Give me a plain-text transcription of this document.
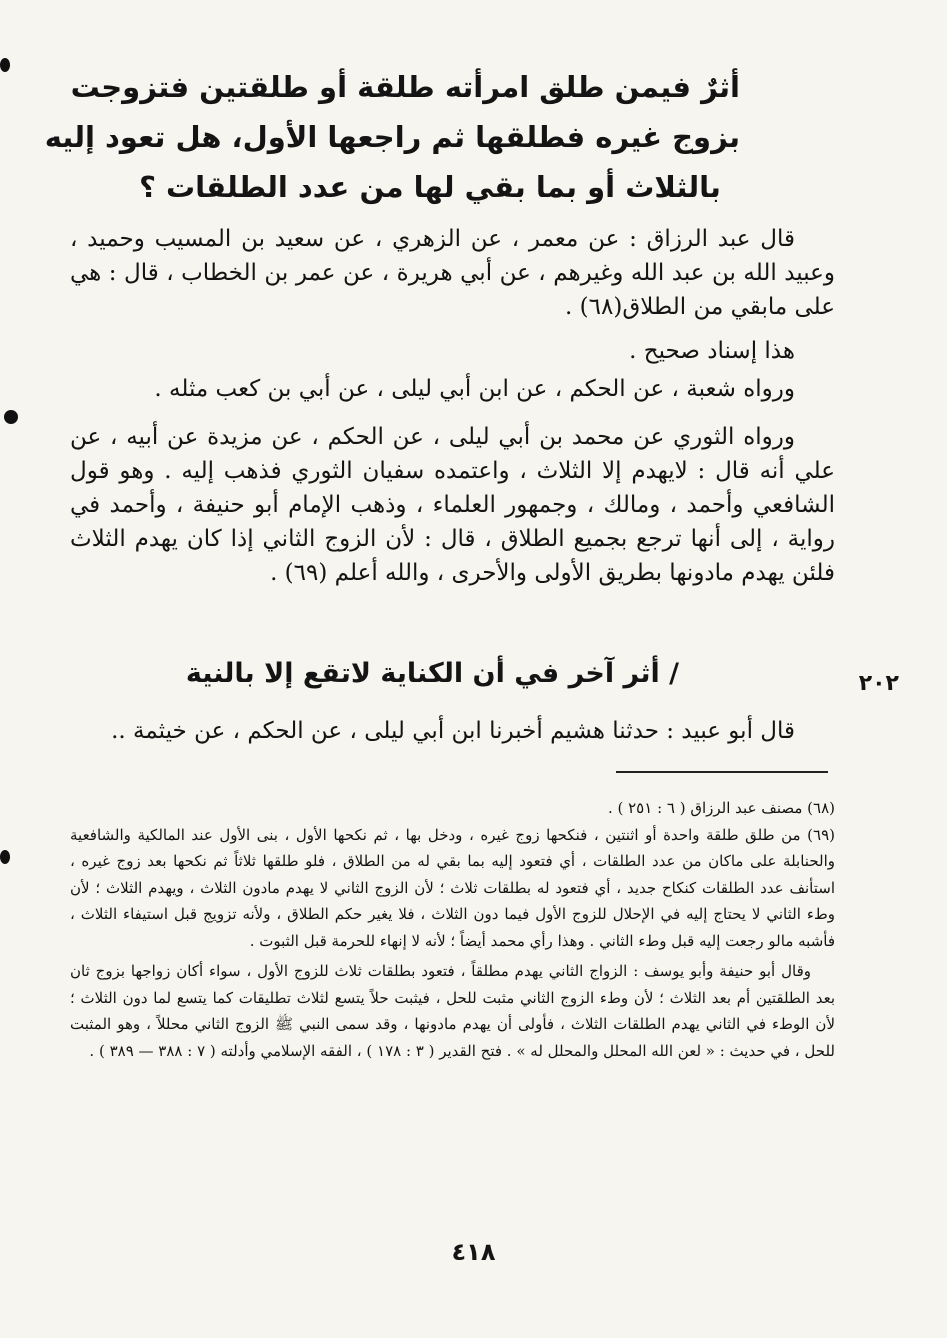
أثرٌ فيمن طلق امرأته طلقة أو طلقتين فتزوجت
بزوج غيره فطلقها ثم راجعها الأول، هل تعود إليه
بالثلاث أو بما بقي لها من عدد الطلقات ؟

قال عبد الرزاق : عن معمر ، عن الزهري ، عن سعيد بن المسيب وحميد ، وعبيد الله بن عبد الله وغيرهم ، عن أبي هريرة ، عن عمر بن الخطاب ، قال : هي على مابقي من الطلاق(٦٨) .

هذا إسناد صحيح .

ورواه شعبة ، عن الحكم ، عن ابن أبي ليلى ، عن أبي بن كعب مثله .

ورواه الثوري عن محمد بن أبي ليلى ، عن الحكم ، عن مزيدة عن أبيه ، عن علي أنه قال : لايهدم إلا الثلاث ، واعتمده سفيان الثوري فذهب إليه . وهو قول الشافعي وأحمد ، ومالك ، وجمهور العلماء ، وذهب الإمام أبو حنيفة ، وأحمد في رواية ، إلى أنها ترجع بجميع الطلاق ، قال : لأن الزوج الثاني إذا كان يهدم الثلاث فلئن يهدم مادونها بطريق الأولى والأحرى ، والله أعلم (٦٩) .

٢٠٢
/ أثر آخر في أن الكناية لاتقع إلا بالنية
قال أبو عبيد : حدثنا هشيم أخبرنا ابن أبي ليلى ، عن الحكم ، عن خيثمة ..

(٦٨) مصنف عبد الرزاق ( ٦ : ٢٥١ ) .

(٦٩) من طلق طلقة واحدة أو اثنتين ، فنكحها زوج غيره ، ودخل بها ، ثم نكحها الأول ، بنى الأول عند المالكية والشافعية والحنابلة على ماكان من عدد الطلقات ، أي فتعود إليه بما بقي له من الطلاق ، فلو طلقها ثلاثاً ثم نكحها بعد زوج غيره ، استأنف عدد الطلقات كنكاح جديد ، أي فتعود له بطلقات ثلاث ؛ لأن الزوج الثاني لا يهدم مادون الثلاث ، ويهدم الثلاث ؛ لأن وطء الثاني لا يحتاج إليه في الإحلال للزوج الأول فيما دون الثلاث ، فلا يغير حكم الطلاق ، ولأنه تزويج قبل استيفاء الثلاث ، فأشبه مالو رجعت إليه قبل وطء الثاني . وهذا رأي محمد أيضاً ؛ لأنه لا إنهاء للحرمة قبل الثبوت .

وقال أبو حنيفة وأبو يوسف : الزواج الثاني يهدم مطلقاً ، فتعود بطلقات ثلاث للزوج الأول ، سواء أكان زواجها بزوج ثان بعد الطلقتين أم بعد الثلاث ؛ لأن وطء الزوج الثاني مثبت للحل ، فيثبت حلاً يتسع لثلاث تطليقات كما يتسع لما دون الثلاث ؛ لأن الوطء في الثاني يهدم الطلقات الثلاث ، فأولى أن يهدم مادونها ، وقد سمى النبي ﷺ الزوج الثاني محللاً ، وهو المثبت للحل ، في حديث : « لعن الله المحلل والمحلل له » . فتح القدير ( ٣ : ١٧٨ ) ، الفقه الإسلامي وأدلته ( ٧ : ٣٨٨ — ٣٨٩ ) .

٤١٨
